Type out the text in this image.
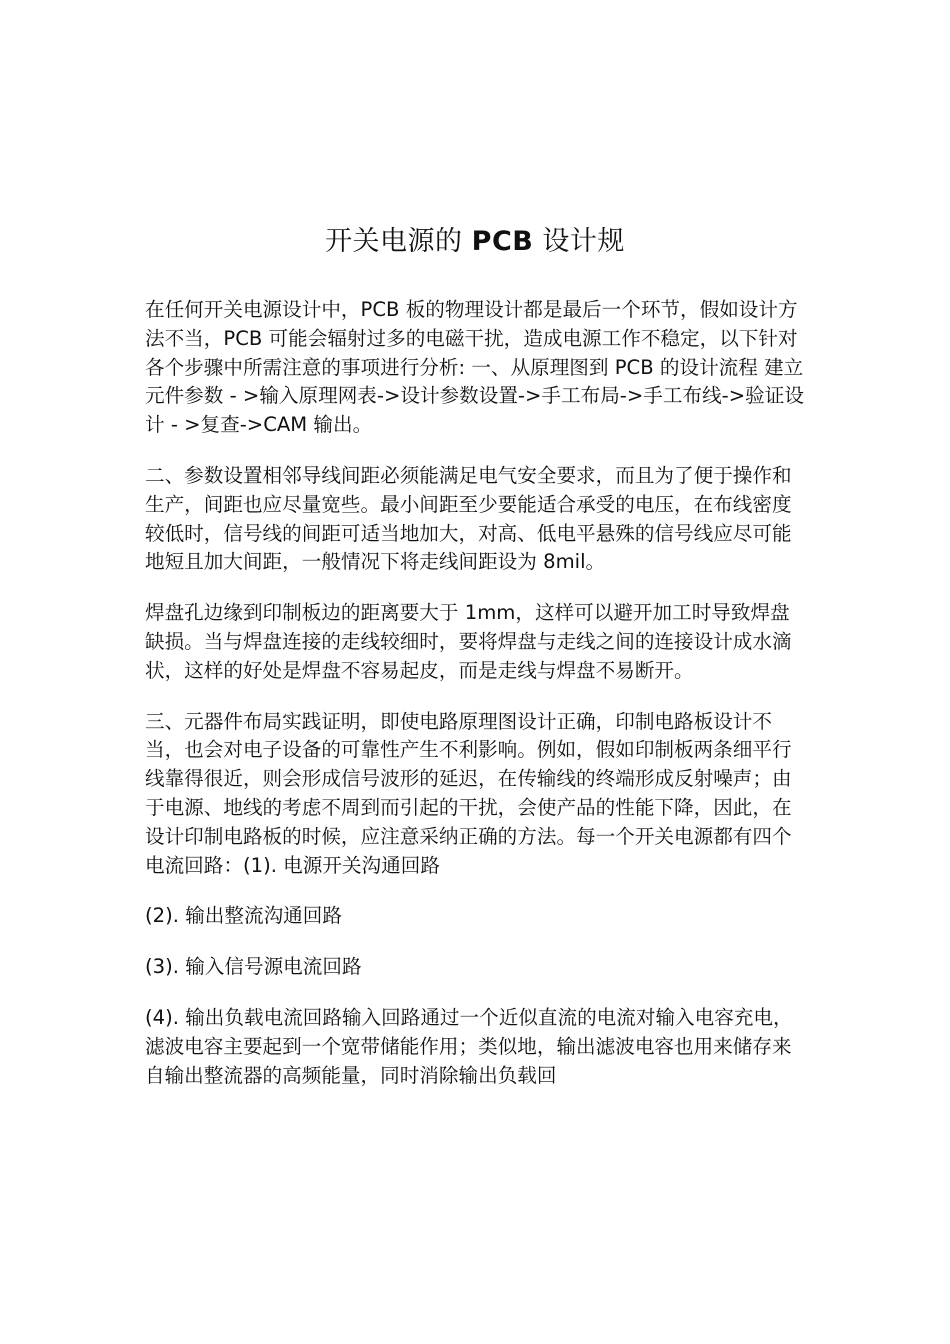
开关电源的 PCB 设计规

在任何开关电源设计中，PCB 板的物理设计都是最后一个环节，假如设计方法不当，PCB 可能会辐射过多的电磁干扰，造成电源工作不稳定，以下针对各个步骤中所需注意的事项进行分析: 一、从原理图到 PCB 的设计流程 建立元件参数 - >输入原理网表->设计参数设置->手工布局->手工布线->验证设计 - >复查->CAM 输出。

二、参数设置相邻导线间距必须能满足电气安全要求，而且为了便于操作和生产，间距也应尽量宽些。最小间距至少要能适合承受的电压，在布线密度较低时，信号线的间距可适当地加大，对高、低电平悬殊的信号线应尽可能地短且加大间距，一般情况下将走线间距设为 8mil。

焊盘孔边缘到印制板边的距离要大于 1mm，这样可以避开加工时导致焊盘缺损。当与焊盘连接的走线较细时，要将焊盘与走线之间的连接设计成水滴状，这样的好处是焊盘不容易起皮，而是走线与焊盘不易断开。

三、元器件布局实践证明，即使电路原理图设计正确，印制电路板设计不当，也会对电子设备的可靠性产生不利影响。例如，假如印制板两条细平行线靠得很近，则会形成信号波形的延迟，在传输线的终端形成反射噪声；由于电源、地线的考虑不周到而引起的干扰，会使产品的性能下降，因此，在设计印制电路板的时候，应注意采纳正确的方法。每一个开关电源都有四个电流回路：(1). 电源开关沟通回路

(2). 输出整流沟通回路

(3). 输入信号源电流回路

(4). 输出负载电流回路输入回路通过一个近似直流的电流对输入电容充电，滤波电容主要起到一个宽带储能作用；类似地，输出滤波电容也用来储存来自输出整流器的高频能量，同时消除输出负载回
